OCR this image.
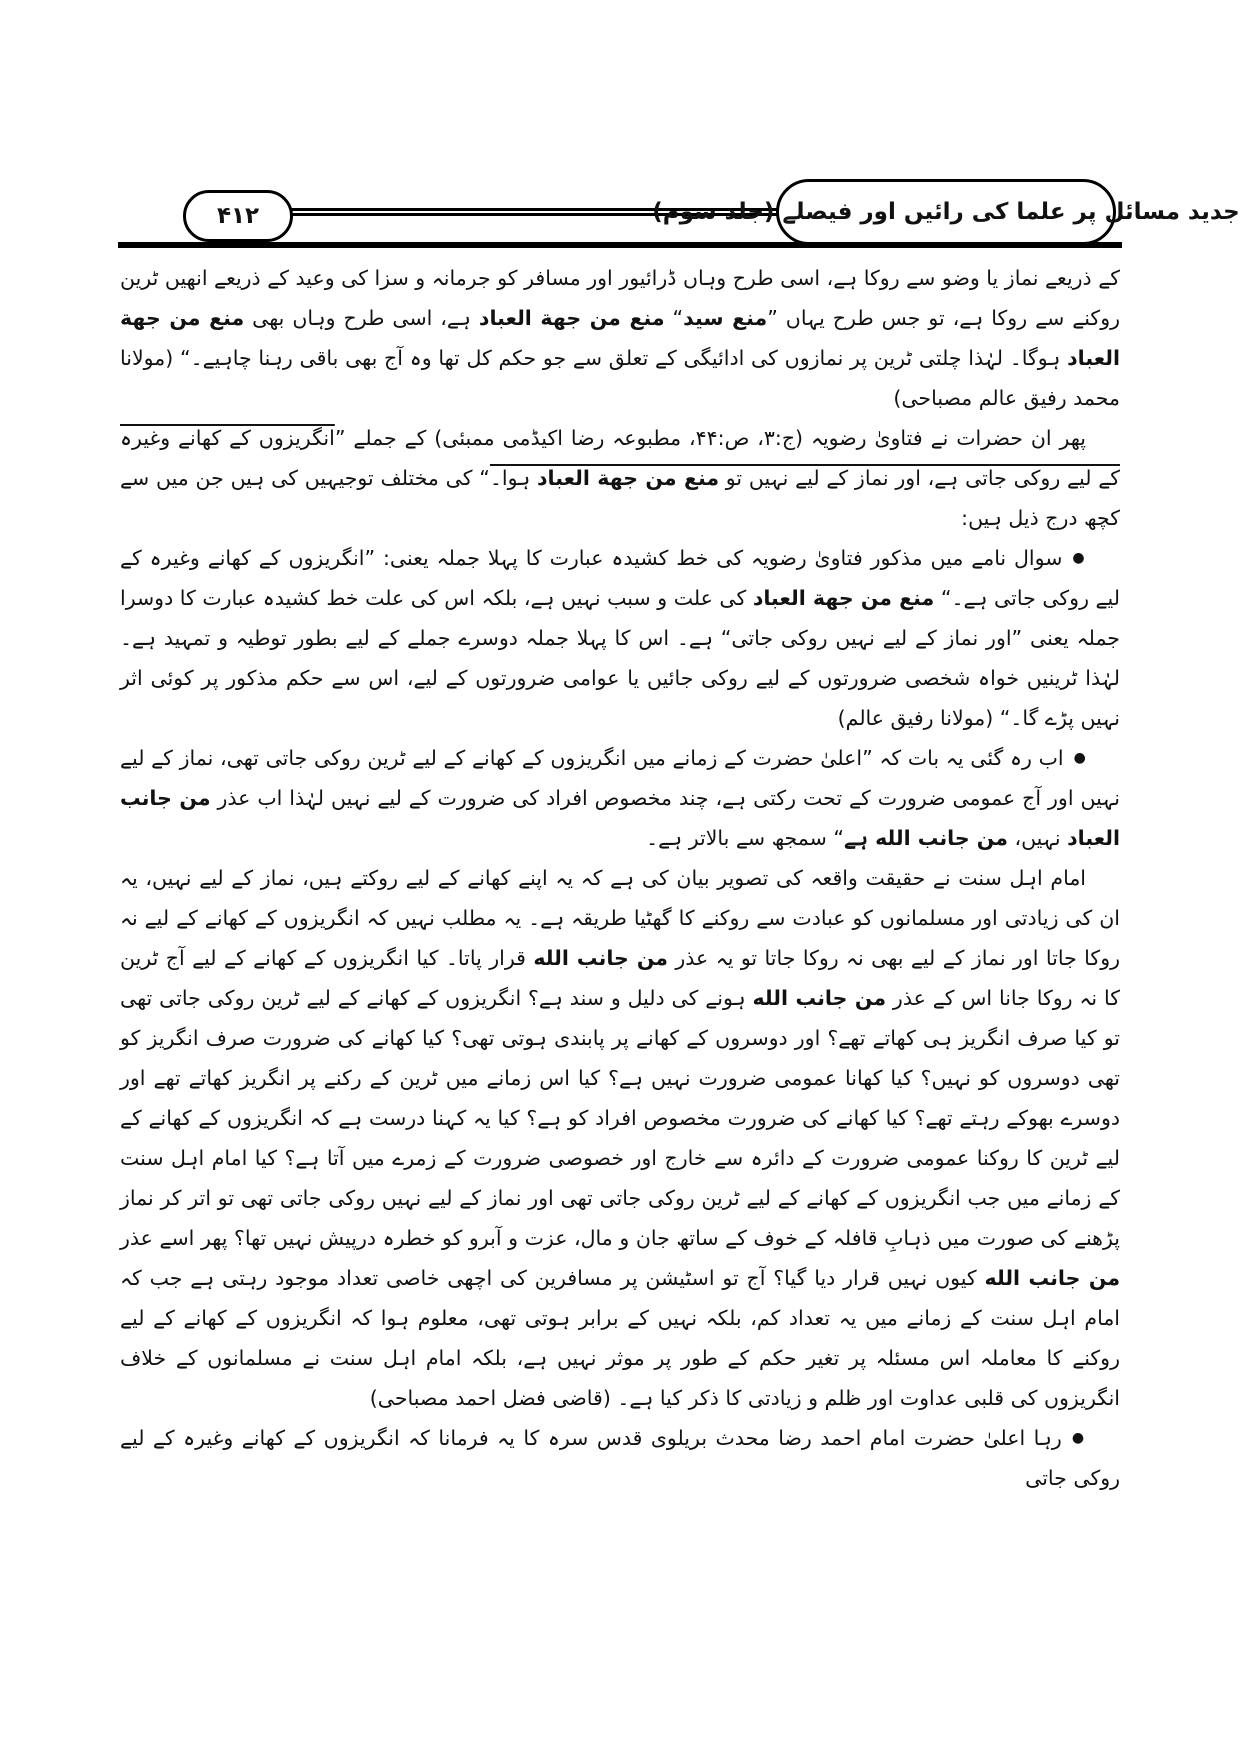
۴۱۲	جدید مسائل پر علما کی رائیں اور فیصلے (جلد سوم)

کے ذریعے نماز یا وضو سے روکا ہے، اسی طرح وہاں ڈرائیور اور مسافر کو جرمانہ و سزا کی وعید کے ذریعے انھیں ٹرین روکنے سے روکا ہے، تو جس طرح یہاں ”منع سید“ منع من جهة العباد ہے، اسی طرح وہاں بھی منع من جهة العباد ہوگا۔ لہٰذا چلتی ٹرین پر نمازوں کی ادائیگی کے تعلق سے جو حکم کل تھا وہ آج بھی باقی رہنا چاہیے۔“ (مولانا محمد رفیق عالم مصباحی)

پھر ان حضرات نے فتاویٰ رضویہ (ج:۳، ص:۴۴، مطبوعہ رضا اکیڈمی ممبئی) کے جملے ”انگریزوں کے کھانے وغیرہ کے لیے روکی جاتی ہے، اور نماز کے لیے نہیں تو منع من جهة العباد ہوا۔“ کی مختلف توجیہیں کی ہیں جن میں سے کچھ درج ذیل ہیں:

●سوال نامے میں مذکور فتاویٰ رضویہ کی خط کشیدہ عبارت کا پہلا جملہ یعنی: ”انگریزوں کے کھانے وغیرہ کے لیے روکی جاتی ہے۔“ منع من جهة العباد کی علت و سبب نہیں ہے، بلکہ اس کی علت خط کشیدہ عبارت کا دوسرا جملہ یعنی ”اور نماز کے لیے نہیں روکی جاتی“ ہے۔ اس کا پہلا جملہ دوسرے جملے کے لیے بطور توطیہ و تمہید ہے۔ لہٰذا ٹرینیں خواہ شخصی ضرورتوں کے لیے روکی جائیں یا عوامی ضرورتوں کے لیے، اس سے حکم مذکور پر کوئی اثر نہیں پڑے گا۔“ (مولانا رفیق عالم)

●اب رہ گئی یہ بات کہ ”اعلیٰ حضرت کے زمانے میں انگریزوں کے کھانے کے لیے ٹرین روکی جاتی تھی، نماز کے لیے نہیں اور آج عمومی ضرورت کے تحت رکتی ہے، چند مخصوص افراد کی ضرورت کے لیے نہیں لہٰذا اب عذر من جانب العباد نہیں، من جانب الله ہے“ سمجھ سے بالاتر ہے۔

امام اہل سنت نے حقیقت واقعہ کی تصویر بیان کی ہے کہ یہ اپنے کھانے کے لیے روکتے ہیں، نماز کے لیے نہیں، یہ ان کی زیادتی اور مسلمانوں کو عبادت سے روکنے کا گھٹیا طریقہ ہے۔ یہ مطلب نہیں کہ انگریزوں کے کھانے کے لیے نہ روکا جاتا اور نماز کے لیے بھی نہ روکا جاتا تو یہ عذر من جانب الله قرار پاتا۔ کیا انگریزوں کے کھانے کے لیے آج ٹرین کا نہ روکا جانا اس کے عذر من جانب الله ہونے کی دلیل و سند ہے؟ انگریزوں کے کھانے کے لیے ٹرین روکی جاتی تھی تو کیا صرف انگریز ہی کھاتے تھے؟ اور دوسروں کے کھانے پر پابندی ہوتی تھی؟ کیا کھانے کی ضرورت صرف انگریز کو تھی دوسروں کو نہیں؟ کیا کھانا عمومی ضرورت نہیں ہے؟ کیا اس زمانے میں ٹرین کے رکنے پر انگریز کھاتے تھے اور دوسرے بھوکے رہتے تھے؟ کیا کھانے کی ضرورت مخصوص افراد کو ہے؟ کیا یہ کہنا درست ہے کہ انگریزوں کے کھانے کے لیے ٹرین کا روکنا عمومی ضرورت کے دائرہ سے خارج اور خصوصی ضرورت کے زمرے میں آتا ہے؟ کیا امام اہل سنت کے زمانے میں جب انگریزوں کے کھانے کے لیے ٹرین روکی جاتی تھی اور نماز کے لیے نہیں روکی جاتی تھی تو اتر کر نماز پڑھنے کی صورت میں ذہابِ قافلہ کے خوف کے ساتھ جان و مال، عزت و آبرو کو خطرہ درپیش نہیں تھا؟ پھر اسے عذر من جانب الله کیوں نہیں قرار دیا گیا؟ آج تو اسٹیشن پر مسافرین کی اچھی خاصی تعداد موجود رہتی ہے جب کہ امام اہل سنت کے زمانے میں یہ تعداد کم، بلکہ نہیں کے برابر ہوتی تھی، معلوم ہوا کہ انگریزوں کے کھانے کے لیے روکنے کا معاملہ اس مسئلہ پر تغیر حکم کے طور پر موثر نہیں ہے، بلکہ امام اہل سنت نے مسلمانوں کے خلاف انگریزوں کی قلبی عداوت اور ظلم و زیادتی کا ذکر کیا ہے۔ (قاضی فضل احمد مصباحی)

●رہا اعلیٰ حضرت امام احمد رضا محدث بریلوی قدس سرہ کا یہ فرمانا کہ انگریزوں کے کھانے وغیرہ کے لیے روکی جاتی
